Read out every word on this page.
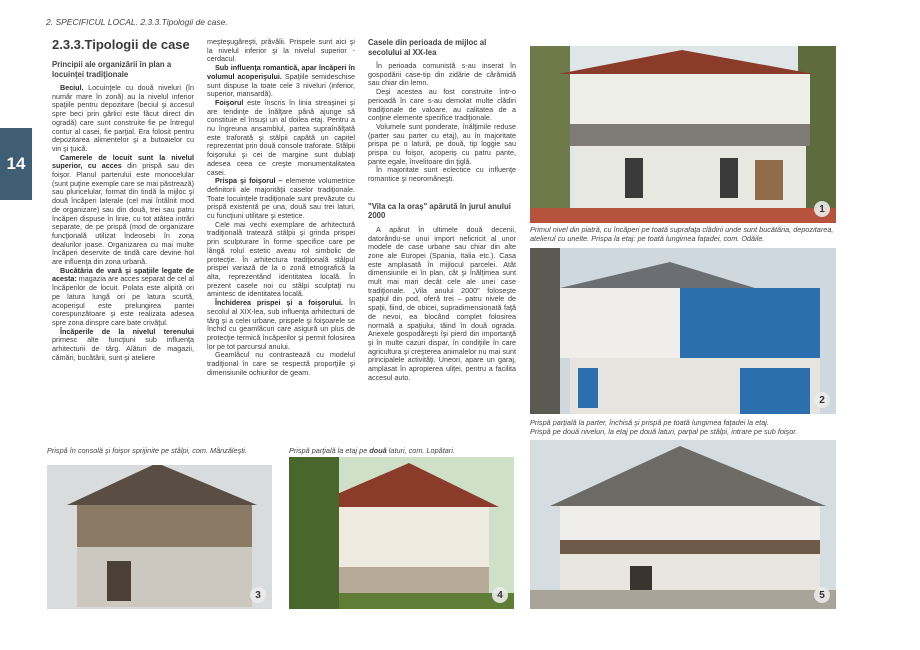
2. SPECIFICUL LOCAL. 2.3.3.Tipologii de case.
14
2.3.3.Tipologii de case
Principii ale organizării în plan a locuinţei tradiţionale

Beciul. Locuinţele cu două niveluri (în număr mare în zonă) au la nivelul inferior spaţiile pentru depozitare (beciul şi accesul spre beci prin gârlici este făcut direct din ogradă) care sunt construite fie pe întregul contur al casei, fie parţial. Era folosit pentru depozitarea alimentelor şi a butoaielor cu vin şi ţuică.

Camerele de locuit sunt la nivelul superior, cu acces din prispă sau din foişor. Planul parterului este monocelular (sunt puţine exemple care se mai păstrează) sau pluricelular, format din tindă la mijloc şi două încăperi laterale (cel mai întâlnit mod de organizare) sau din două, trei sau patru încăperi dispuse în linie, cu tot atâtea intrări separate, de pe prispă (mod de organizare funcţională utilizat îndeosebi în zona dealurilor joase. Organizarea cu mai multe încăperi deservite de tindă care devine hol are influenţa din zona urbană.

Bucătăria de vară şi spaţiile legate de acesta: magazia are acces separat de cel al încăperilor de locuit. Polata este alipită ori pe latura lungă ori pe latura scurtă, acoperişul este prelungirea pantei corespunzătoare şi este realizata adesea spre zona dinspre care bate crivăţul.

Încăperile de la nivelul terenului primesc alte funcţiuni sub influenţa arhitecturii de târg. Alături de magazii, cămări, bucătării, sunt şi ateliere

meşteşugăreşti, prăvălii. Prispele sunt aici şi la nivelul inferior şi la nivelul superior - cerdacul.

Sub influenţa romantică, apar încăperi în volumul acoperişului. Spaţiile semideschise sunt dispuse la toate cele 3 niveluri (inferior, superior, mansardă).

Foişorul este înscris în linia streaşinei şi are tendinţe de înălţare până ajunge să constituie el însuşi un al doilea etaj. Pentru a nu îngreuna ansamblul, partea supraînălţată este traforată şi stâlpii capătă un capitel reprezentat prin două console traforate. Stâlpii foişorului şi cei de margine sunt dublaţi adesea ceea ce creşte monumentalitatea casei.

Prispa şi foişorul – elemente volumetrice definitorii ale majorităţii caselor tradiţionale. Toate locuinţele tradiţionale sunt prevăzute cu prispă existentă pe una, două sau trei laturi, cu funcţiuni utilitare şi estetice.

Cele mai vechi exemplare de arhitectură tradiţională tratează stâlpii şi grinda prispei prin sculpturare în forme specifice care pe lângă rolul estetic aveau rol simbolic de protecţie. În arhitectura tradiţională stâlpul prispei variază de la o zonă etnografică la alta, reprezentând identitatea locală. În prezent casele noi cu stâlpi sculptaţi nu amintesc de identitatea locală.

Închiderea prispei şi a foişorului. În secolul al XIX-lea, sub influenţa arhitecturii de târg şi a celei urbane, prispele şi foişoarele se închid cu geamlâcuri care asigură un plus de protecţie termică încăperilor şi permit folosirea lor pe tot parcursul anului.

Geamlâcul nu contrastează cu modelul tradiţional în care se respectă proporţiile şi dimensiunile ochiurilor de geam.

Casele din perioada de mijloc al secolului al XX-lea

În perioada comunistă s-au inserat în gospodării case-tip din zidărie de cărămidă sau chiar din lemn.

Deşi acestea au fost construite într-o perioadă în care s-au demolat multe clădiri tradiţionale de valoare, au calitatea de a conţine elemente specifice tradiţionale.

Volumele sunt ponderate, înălţimile reduse (parter sau parter cu etaj), au în majoritate prispa pe o latură, pe două, tip loggie sau prispa cu foişor, acoperiş cu patru pante, pante egale, învelitoare din ţiglă.

În majoritate sunt eclectice cu influenţe romantice şi neoromâneşti.

"Vila ca la oraş" apărută în jurul anului 2000

A apărut în ultimele două decenii, datorându-se unui import neficricit al unor modele de case urbane sau chiar din alte zone ale Europei (Spania, Italia etc.). Casa este amplasată în mijlocul parcelei. Atât dimensiunile ei în plan, cât şi înălţimea sunt mult mai mari decât cele ale unei case tradiţionale. „Vila anului 2000" foloseşte spaţiul din pod, oferă trei – patru nivele de spaţii, fiind, de obicei, supradimensionată faţă de nevoi, ea blocând complet folosirea normală a spaţiului, tăind în două ograda. Anexele gospodăreşti îşi pierd din importanţă şi în multe cazuri dispar, în condiţiile în care agricultura şi creşterea animalelor nu mai sunt principalele activităţi. Uneori, apare un garaj, amplasat în apropierea uliţei, pentru a facilita accesul auto.

1
Primul nivel din piatră, cu încăperi pe toată suprafaţa clădirii unde sunt bucătăria, depozitarea, atelierul cu unelte. Prispa la etaj: pe toată lungimea faţadei, com. Odăile.
2
Prispă parţială la parter, închisă şi prispă pe toată lungimea faţadei la etaj.
Prispă pe două niveluri, la etaj pe două laturi, parţial pe stâlpi, intrare pe sub foişor.
3
Prispă în consolă şi foişor sprijinite pe stâlpi, com. Mânzăleşti.
4
Prispă parţială la etaj pe două laturi, com. Lopătari.
5
